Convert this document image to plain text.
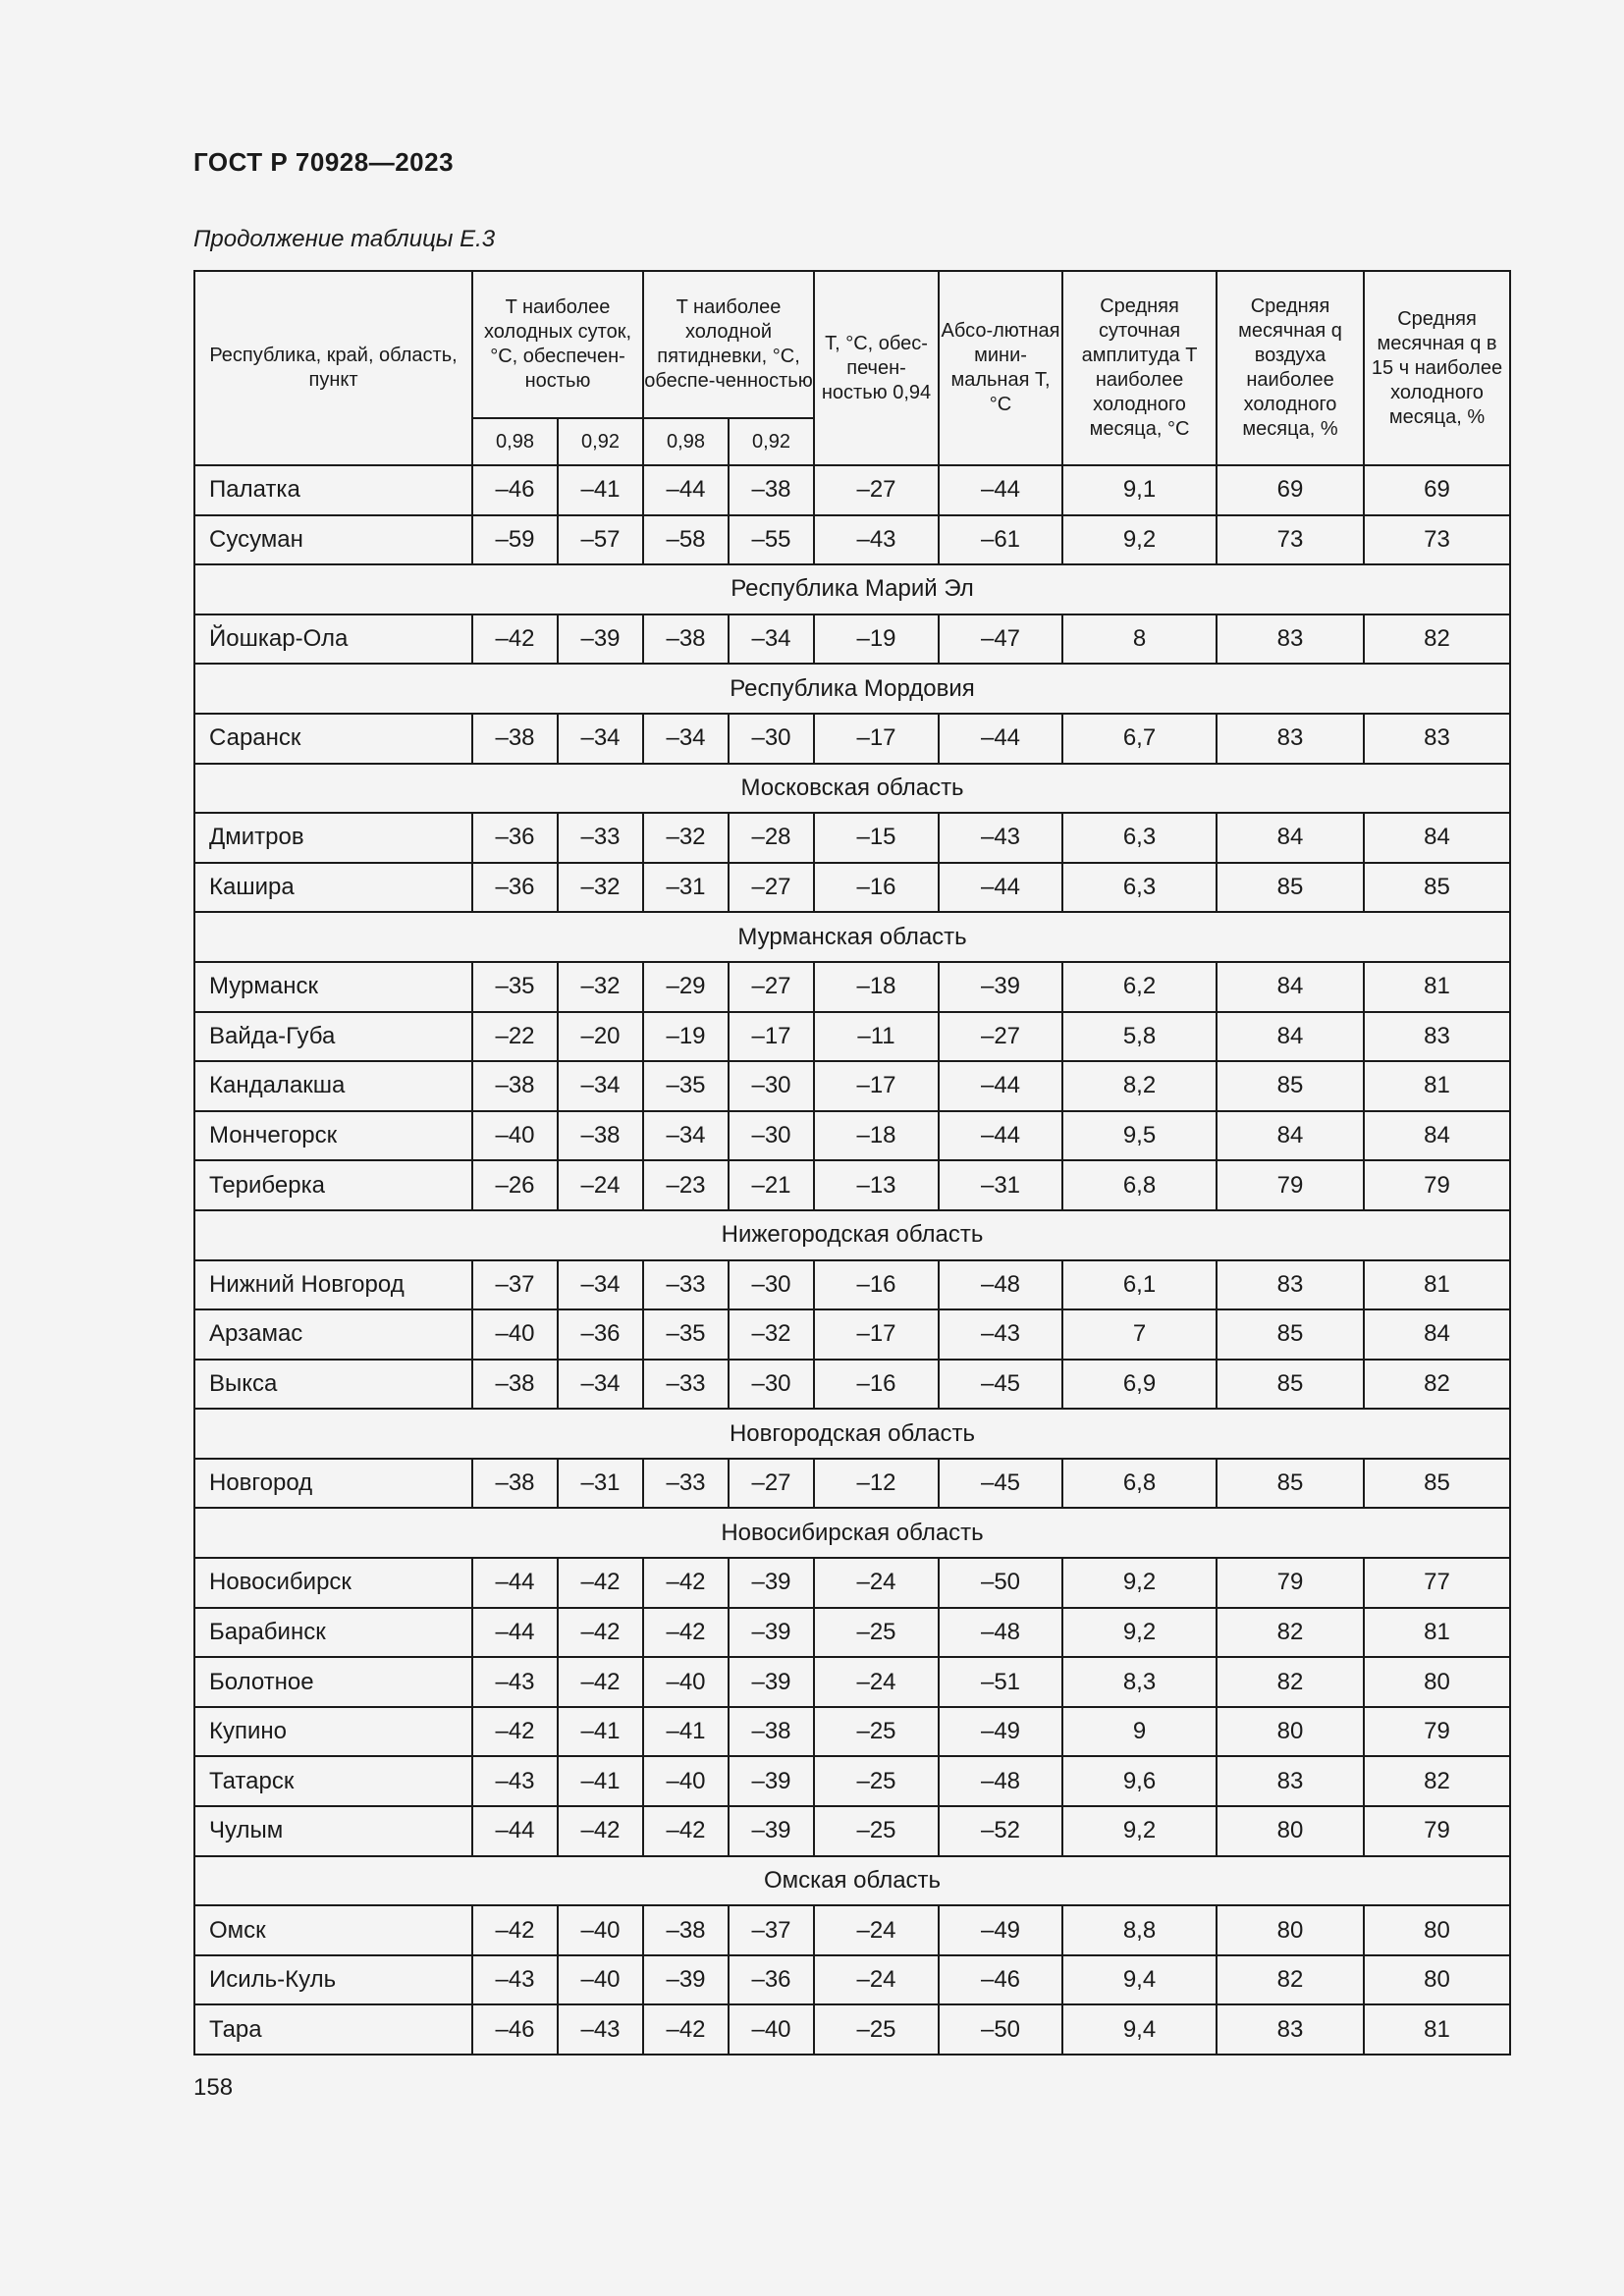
ГОСТ Р 70928—2023
Продолжение таблицы Е.3
Республика, край, область, пункт	T наиболее холодных суток, °С, обеспечен-ностью		T наиболее холодной пятидневки, °С, обеспе-ченностью		T, °С, обес-печен-ностью 0,94	Абсо-лютная мини-мальная T, °С	Средняя суточная амплитуда T наиболее холодного месяца, °С	Средняя месячная q воздуха наиболее холодного месяца, %	Средняя месячная q в 15 ч наиболее холодного месяца, %
	0,98	0,92	0,98	0,92					
Палатка	–46	–41	–44	–38	–27	–44	9,1	69	69
Сусуман	–59	–57	–58	–55	–43	–61	9,2	73	73
Республика Марий Эл									
Йошкар-Ола	–42	–39	–38	–34	–19	–47	8	83	82
Республика Мордовия									
Саранск	–38	–34	–34	–30	–17	–44	6,7	83	83
Московская область									
Дмитров	–36	–33	–32	–28	–15	–43	6,3	84	84
Кашира	–36	–32	–31	–27	–16	–44	6,3	85	85
Мурманская область									
Мурманск	–35	–32	–29	–27	–18	–39	6,2	84	81
Вайда-Губа	–22	–20	–19	–17	–11	–27	5,8	84	83
Кандалакша	–38	–34	–35	–30	–17	–44	8,2	85	81
Мончегорск	–40	–38	–34	–30	–18	–44	9,5	84	84
Териберка	–26	–24	–23	–21	–13	–31	6,8	79	79
Нижегородская область									
Нижний Новгород	–37	–34	–33	–30	–16	–48	6,1	83	81
Арзамас	–40	–36	–35	–32	–17	–43	7	85	84
Выкса	–38	–34	–33	–30	–16	–45	6,9	85	82
Новгородская область									
Новгород	–38	–31	–33	–27	–12	–45	6,8	85	85
Новосибирская область									
Новосибирск	–44	–42	–42	–39	–24	–50	9,2	79	77
Барабинск	–44	–42	–42	–39	–25	–48	9,2	82	81
Болотное	–43	–42	–40	–39	–24	–51	8,3	82	80
Купино	–42	–41	–41	–38	–25	–49	9	80	79
Татарск	–43	–41	–40	–39	–25	–48	9,6	83	82
Чулым	–44	–42	–42	–39	–25	–52	9,2	80	79
Омская область									
Омск	–42	–40	–38	–37	–24	–49	8,8	80	80
Исиль-Куль	–43	–40	–39	–36	–24	–46	9,4	82	80
Тара	–46	–43	–42	–40	–25	–50	9,4	83	81
158
